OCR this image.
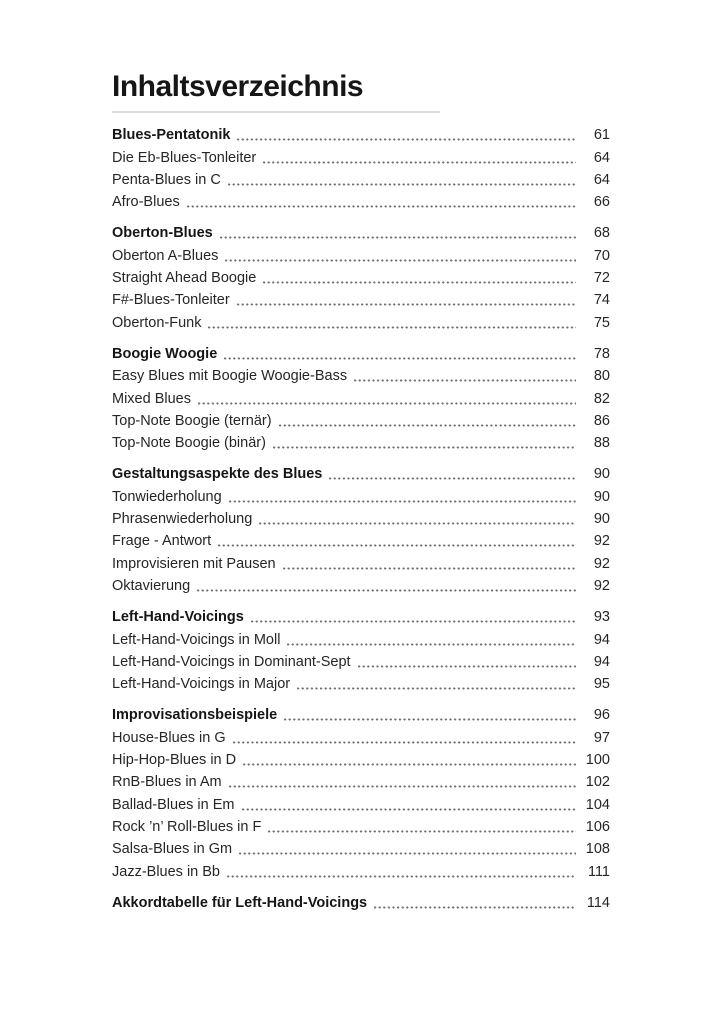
Inhaltsverzeichnis
Blues-Pentatonik	61
Die Eb-Blues-Tonleiter	64
Penta-Blues in C	64
Afro-Blues	66
Oberton-Blues	68
Oberton A-Blues	70
Straight Ahead Boogie	72
F#-Blues-Tonleiter	74
Oberton-Funk	75
Boogie Woogie	78
Easy Blues mit Boogie Woogie-Bass	80
Mixed Blues	82
Top-Note Boogie (ternär)	86
Top-Note Boogie (binär)	88
Gestaltungsaspekte des Blues	90
Tonwiederholung	90
Phrasenwiederholung	90
Frage - Antwort	92
Improvisieren mit Pausen	92
Oktavierung	92
Left-Hand-Voicings	93
Left-Hand-Voicings in Moll	94
Left-Hand-Voicings in Dominant-Sept	94
Left-Hand-Voicings in Major	95
Improvisationsbeispiele	96
House-Blues in G	97
Hip-Hop-Blues in D	100
RnB-Blues in Am	102
Ballad-Blues in Em	104
Rock ’n’ Roll-Blues in F	106
Salsa-Blues in Gm	108
Jazz-Blues in Bb	111
Akkordtabelle für Left-Hand-Voicings	114
